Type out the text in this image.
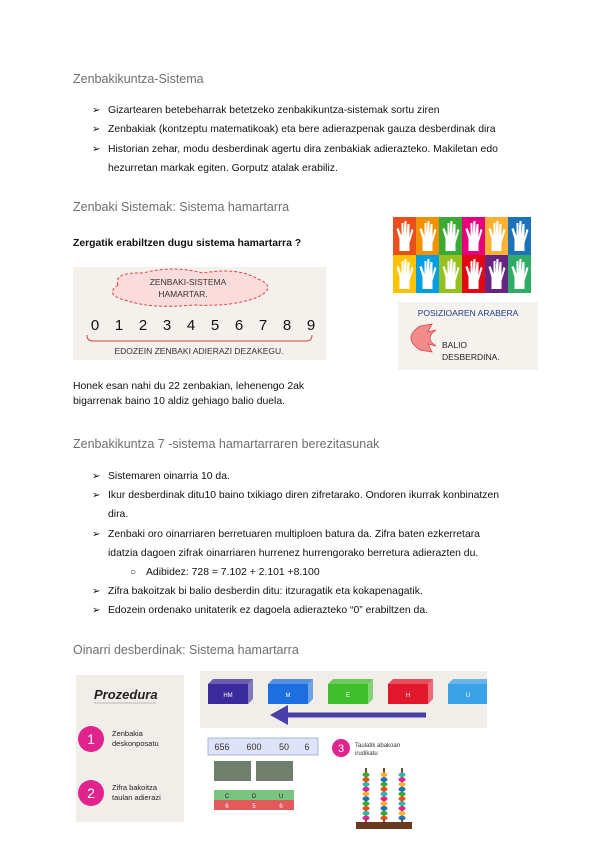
Zenbakikuntza-Sistema
➢ Gizartearen betebeharrak betetzeko zenbakikuntza-sistemak sortu ziren
➢ Zenbakiak (kontzeptu matematikoak) eta bere adierazpenak gauza desberdinak dira
➢ Historian zehar, modu desberdinak agertu dira zenbakiak adierazteko. Makiletan edo
hezurretan markak egiten. Gorputz atalak erabiliz.
Zenbaki Sistemak: Sistema hamartarra
Zergatik erabiltzen dugu sistema hamartarra ?
ZENBAKI-SISTEMA
HAMARTAR.
0 1 2 3 4 5 6 7 8 9
EDOZEIN ZENBAKI ADIERAZI DEZAKEGU.
POSIZIOAREN ARABERA
BALIO
DESBERDINA.
Honek esan nahi du 22 zenbakian, lehenengo 2ak
bigarrenak baino 10 aldiz gehiago balio duela.
Zenbakikuntza 7 -sistema hamartarraren berezitasunak
➢ Sistemaren oinarria 10 da.
➢ Ikur desberdinak ditu10 baino txikiago diren zifretarako. Ondoren ikurrak konbinatzen
dira.
➢ Zenbaki oro oinarriaren berretuaren multiploen batura da. Zifra baten ezkerretara
idatzia dagoen zifrak oinarriaren hurrenez hurrengorako berretura adierazten du.
○ Adibidez: 728 = 7.102 + 2.101 +8.100
➢ Zifra bakoitzak bi balio desberdin ditu: itzuragatik eta kokapenagatik.
➢ Edozein ordenako unitaterik ez dagoela adierazteko “0” erabiltzen da.
Oinarri desberdinak: Sistema hamartarra
Prozedura
1 Zenbakia
deskonposatu
2 Zifra bakoitza
taulan adierazi
HM	M	E	H	U
656 600 50 6
C	D	U
6	5	6
3 Taulatik abakoan
irudikatu
